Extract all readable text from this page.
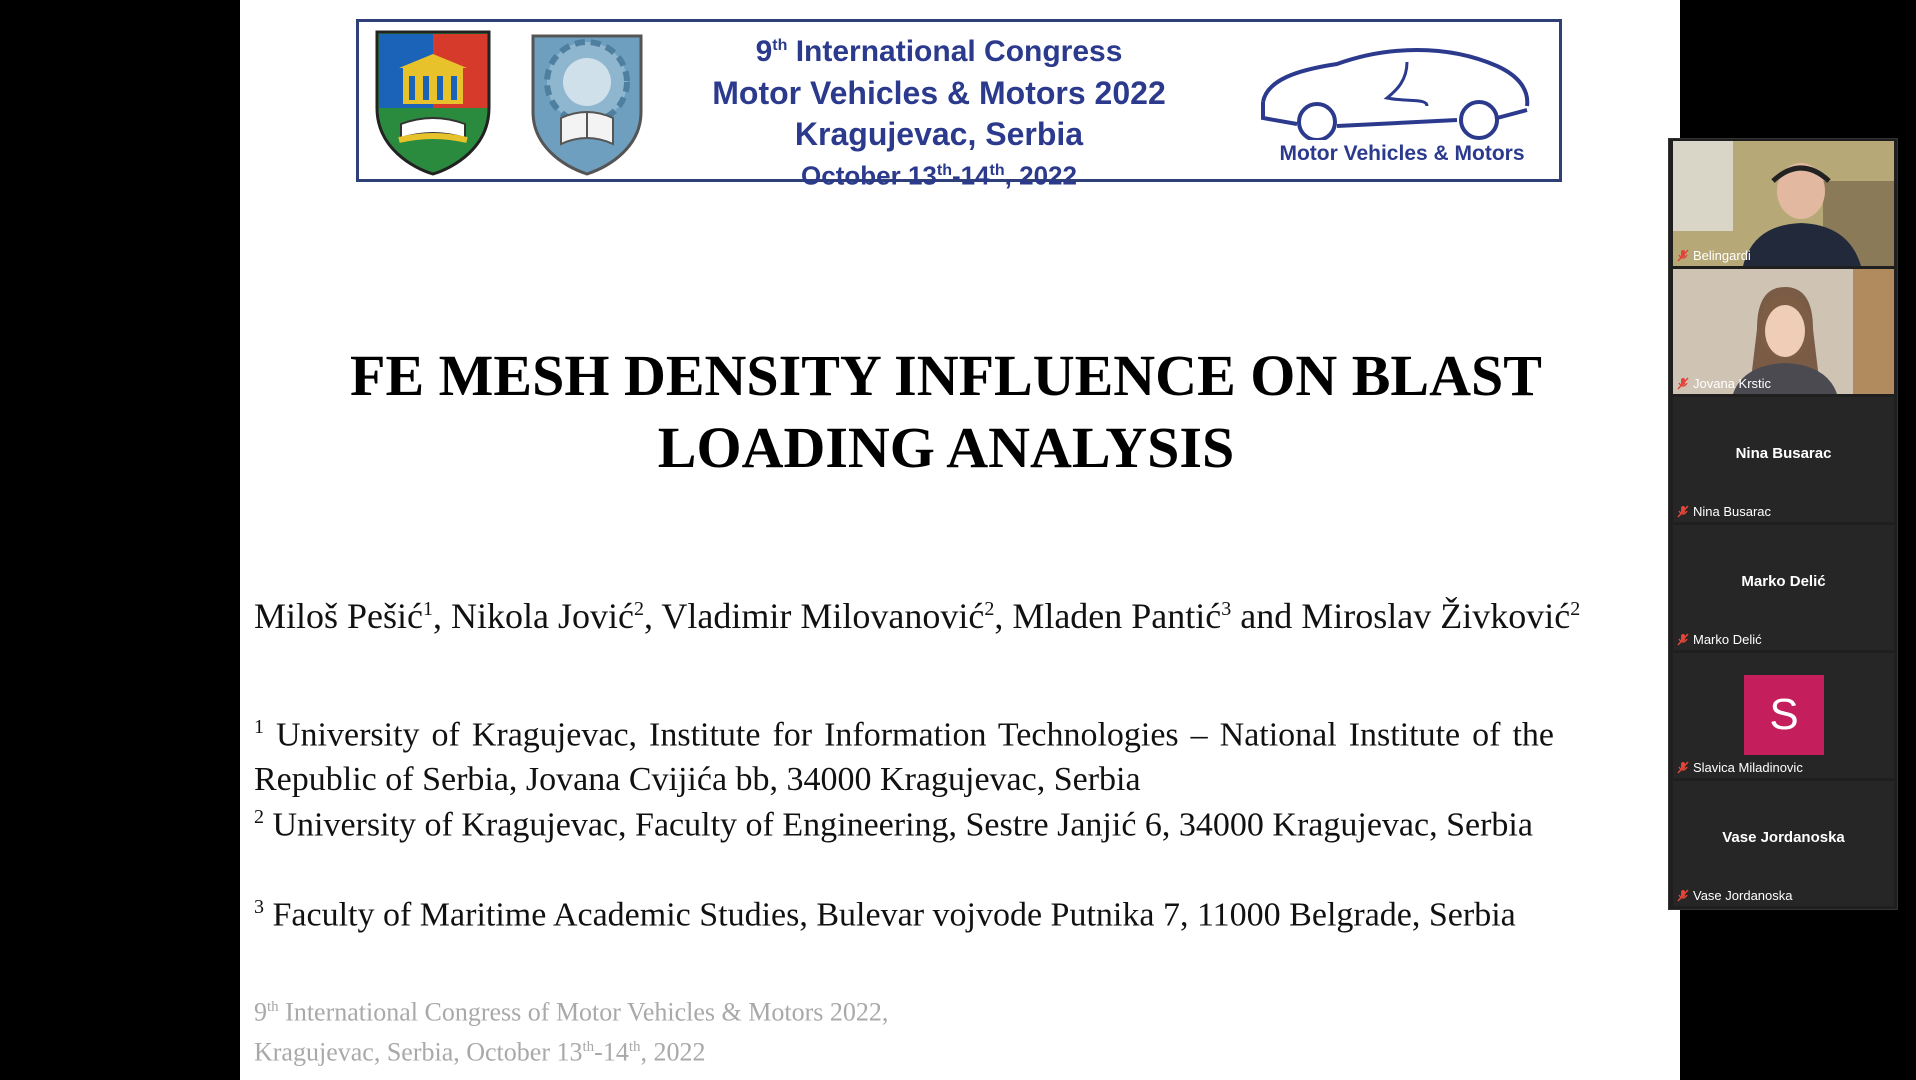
9th International Congress
Motor Vehicles & Motors 2022
Kragujevac, Serbia
October 13th-14th, 2022
Motor Vehicles & Motors
FE MESH DENSITY INFLUENCE ON BLAST
LOADING ANALYSIS

Miloš Pešić$^1$, Nikola Jović$^2$, Vladimir Milovanović$^2$, Mladen Pantić$^3$ and Miroslav Živković$^2$

$^1$ University of Kragujevac, Institute for Information Technologies – National Institute of the Republic of Serbia, Jovana Cvijića bb, 34000 Kragujevac, Serbia

$^2$ University of Kragujevac, Faculty of Engineering, Sestre Janjić 6, 34000 Kragujevac, Serbia

$^3$ Faculty of Maritime Academic Studies, Bulevar vojvode Putnika 7, 11000 Belgrade, Serbia

9th International Congress of Motor Vehicles & Motors 2022,
Kragujevac, Serbia, October 13th-14th, 2022
Belingardi
Jovana Krstic
Nina Busarac
Nina Busarac
Marko Delić
Marko Delić
S
Slavica Miladinovic
Vase Jordanoska
Vase Jordanoska
